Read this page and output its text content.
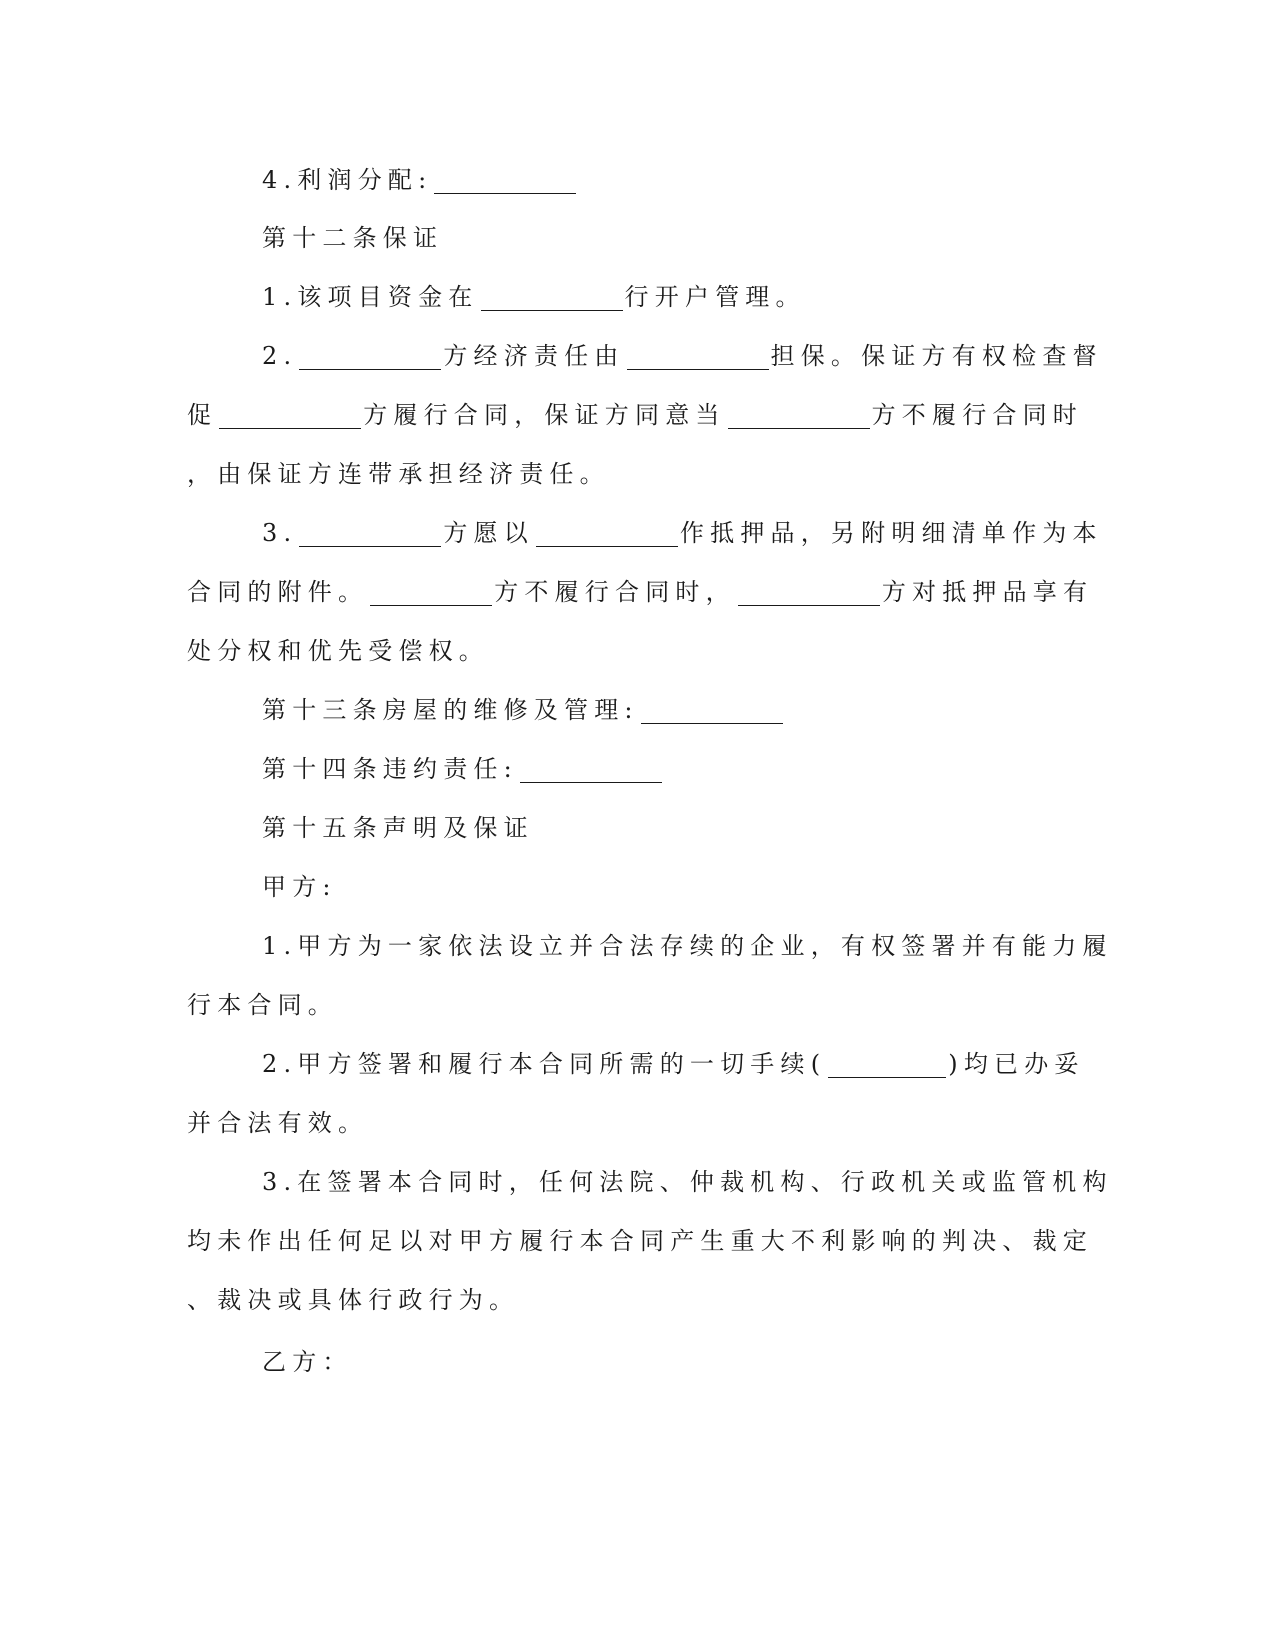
4.利润分配:
第十二条保证
1.该项目资金在	行开户管理。
2.	方经济责任由	担保。保证方有权检查督
促	方履行合同，保证方同意当	方不履行合同时
，由保证方连带承担经济责任。
3.	方愿以	作抵押品，另附明细清单作为本
合同的附件。	方不履行合同时，	方对抵押品享有
处分权和优先受偿权。
第十三条房屋的维修及管理:
第十四条违约责任:
第十五条声明及保证
甲方:
1.甲方为一家依法设立并合法存续的企业，有权签署并有能力履
行本合同。
2.甲方签署和履行本合同所需的一切手续(	)均已办妥
并合法有效。
3.在签署本合同时，任何法院、仲裁机构、行政机关或监管机构
均未作出任何足以对甲方履行本合同产生重大不利影响的判决、裁定
、裁决或具体行政行为。
乙方：
